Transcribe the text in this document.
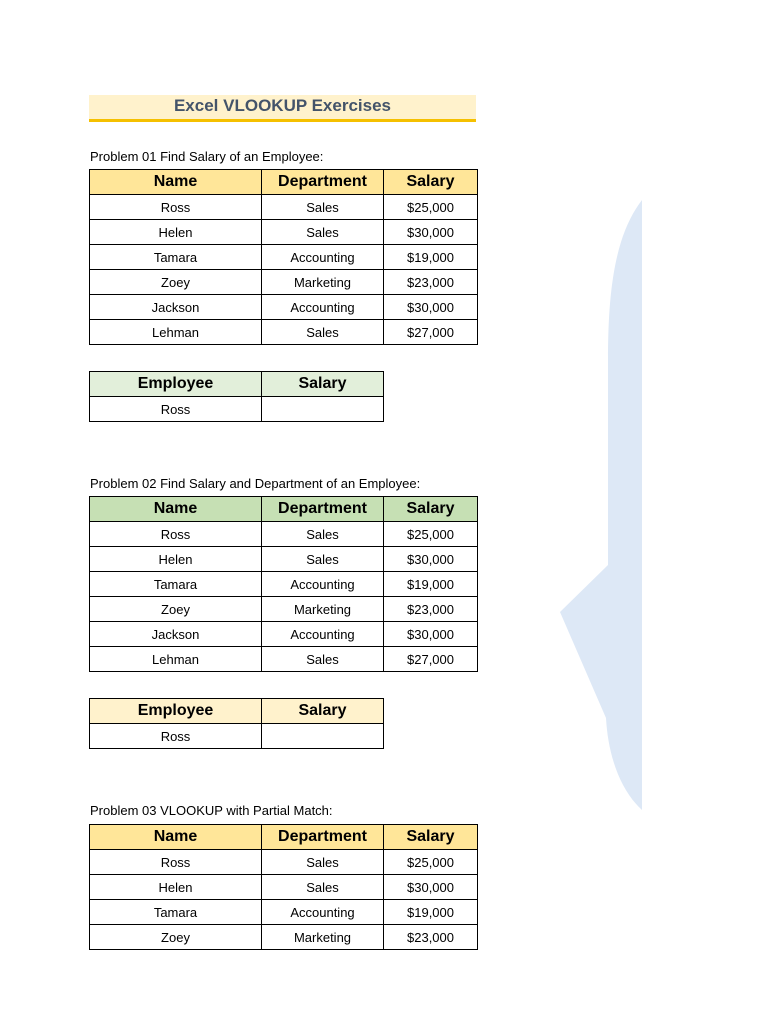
Excel VLOOKUP Exercises
Problem 01 Find Salary of an Employee:
Name	Department	Salary
Ross	Sales	$25,000
Helen	Sales	$30,000
Tamara	Accounting	$19,000
Zoey	Marketing	$23,000
Jackson	Accounting	$30,000
Lehman	Sales	$27,000
Employee	Salary
Ross	
Problem 02 Find Salary and Department of an Employee:
Name	Department	Salary
Ross	Sales	$25,000
Helen	Sales	$30,000
Tamara	Accounting	$19,000
Zoey	Marketing	$23,000
Jackson	Accounting	$30,000
Lehman	Sales	$27,000
Employee	Salary
Ross	
Problem 03 VLOOKUP with Partial Match:
Name	Department	Salary
Ross	Sales	$25,000
Helen	Sales	$30,000
Tamara	Accounting	$19,000
Zoey	Marketing	$23,000
